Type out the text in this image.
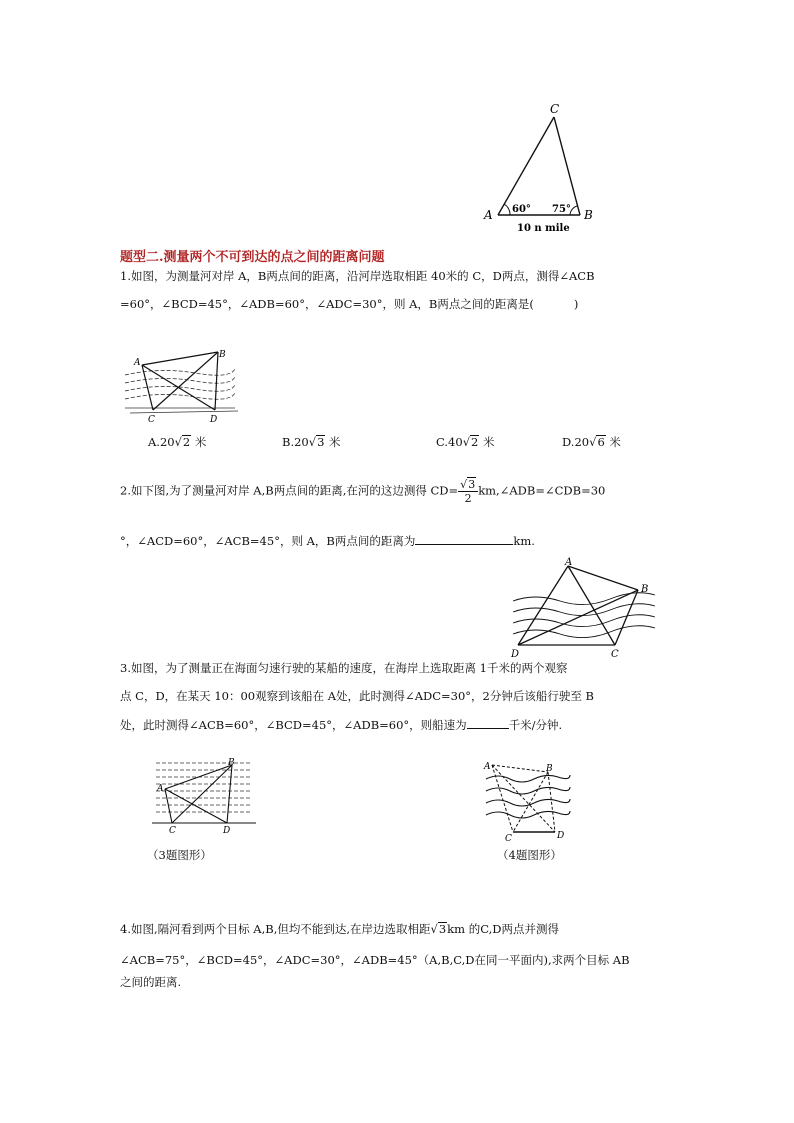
C
A	B
60° 75°
10 n mile
题型二.测量两个不可到达的点之间的距离问题
1.如图，为测量河对岸 A，B两点间的距离，沿河岸选取相距 40米的 C，D两点，测得∠ACB
=60°，∠BCD=45°，∠ADB=60°，∠ADC=30°，则 A，B两点之间的距离是(	)
A
B
C	D
A.20√2 米	B.20√3 米	C.40√2 米	D.20√6 米
2.如下图,为了测量河对岸 A,B两点间的距离,在河的这边测得 $CD= \frac{√3}{2}$ km,∠ADB=∠CDB=30
°，∠ACD=60°，∠ACB=45°，则 A，B两点间的距离为	km.
A
B
C
D
3.如图，为了测量正在海面匀速行驶的某船的速度，在海岸上选取距离 1千米的两个观察
点 C，D，在某天 10：00观察到该船在 A处，此时测得∠ADC=30°，2分钟后该船行驶至 B
处，此时测得∠ACB=60°，∠BCD=45°，∠ADB=60°，则船速为	千米/分钟.
A
B
C	D
（3题图形）
A	B
C	D
（4题图形）
4.如图,隔河看到两个目标 A,B,但均不能到达,在岸边选取相距√3km 的C,D两点并测得
∠ACB=75°，∠BCD=45°，∠ADC=30°，∠ADB=45°（A,B,C,D在同一平面内),求两个目标 AB
之间的距离.
